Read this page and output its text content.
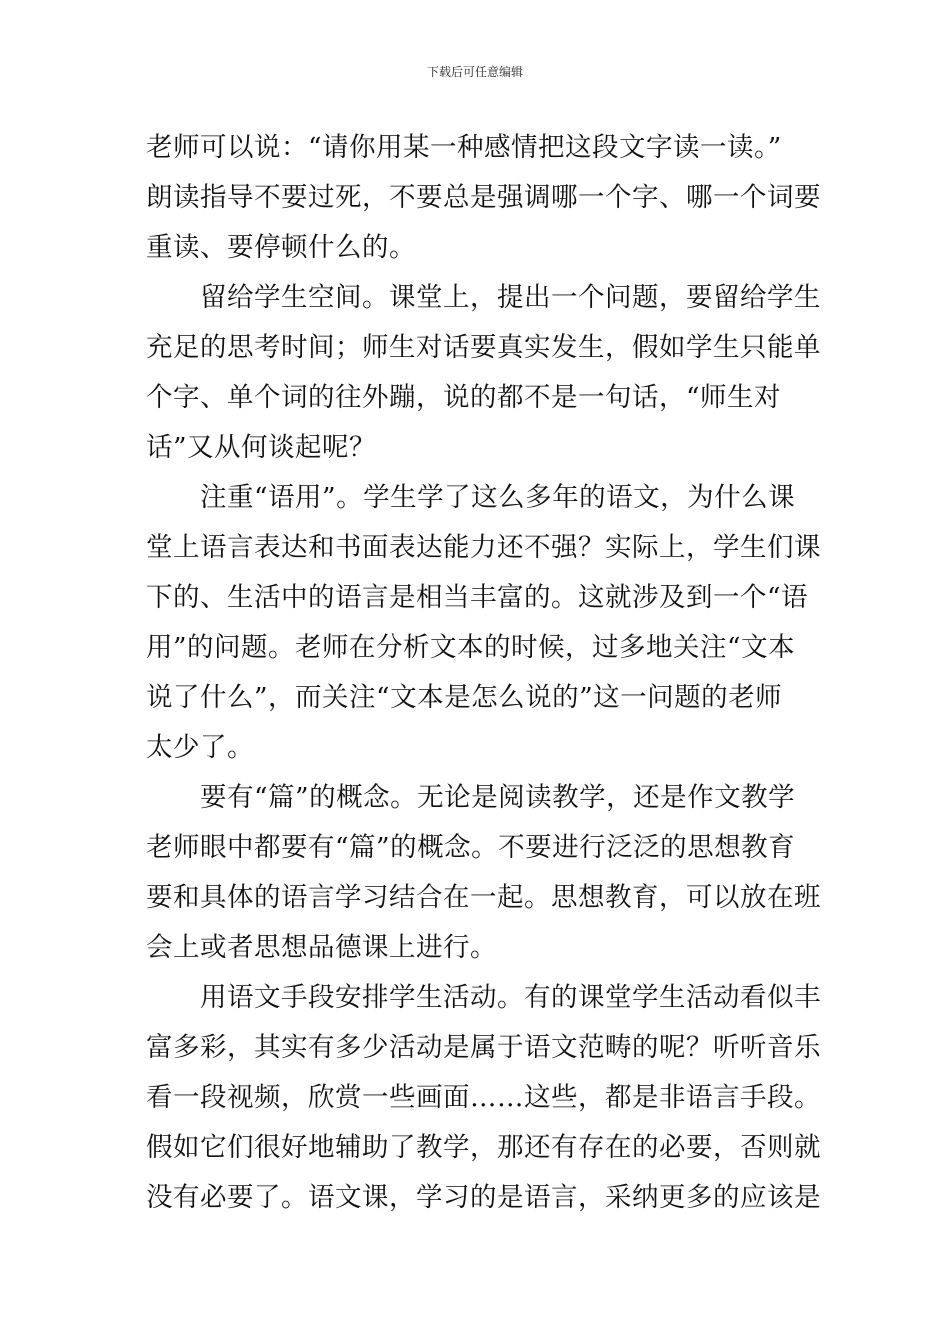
下载后可任意编辑
老师可以说：“请你用某一种感情把这段文字读一读。”
朗读指导不要过死，不要总是强调哪一个字、哪一个词要
重读、要停顿什么的。
留给学生空间。课堂上，提出一个问题，要留给学生
充足的思考时间；师生对话要真实发生，假如学生只能单
个字、单个词的往外蹦，说的都不是一句话，“师生对
话”又从何谈起呢？
注重“语用”。学生学了这么多年的语文，为什么课
堂上语言表达和书面表达能力还不强？实际上，学生们课
下的、生活中的语言是相当丰富的。这就涉及到一个“语
用”的问题。老师在分析文本的时候，过多地关注“文本
说了什么”，而关注“文本是怎么说的”这一问题的老师
太少了。
要有“篇”的概念。无论是阅读教学，还是作文教学
老师眼中都要有“篇”的概念。不要进行泛泛的思想教育
要和具体的语言学习结合在一起。思想教育，可以放在班
会上或者思想品德课上进行。
用语文手段安排学生活动。有的课堂学生活动看似丰
富多彩，其实有多少活动是属于语文范畴的呢？听听音乐
看一段视频，欣赏一些画面……这些，都是非语言手段。
假如它们很好地辅助了教学，那还有存在的必要，否则就
没有必要了。语文课，学习的是语言，采纳更多的应该是
